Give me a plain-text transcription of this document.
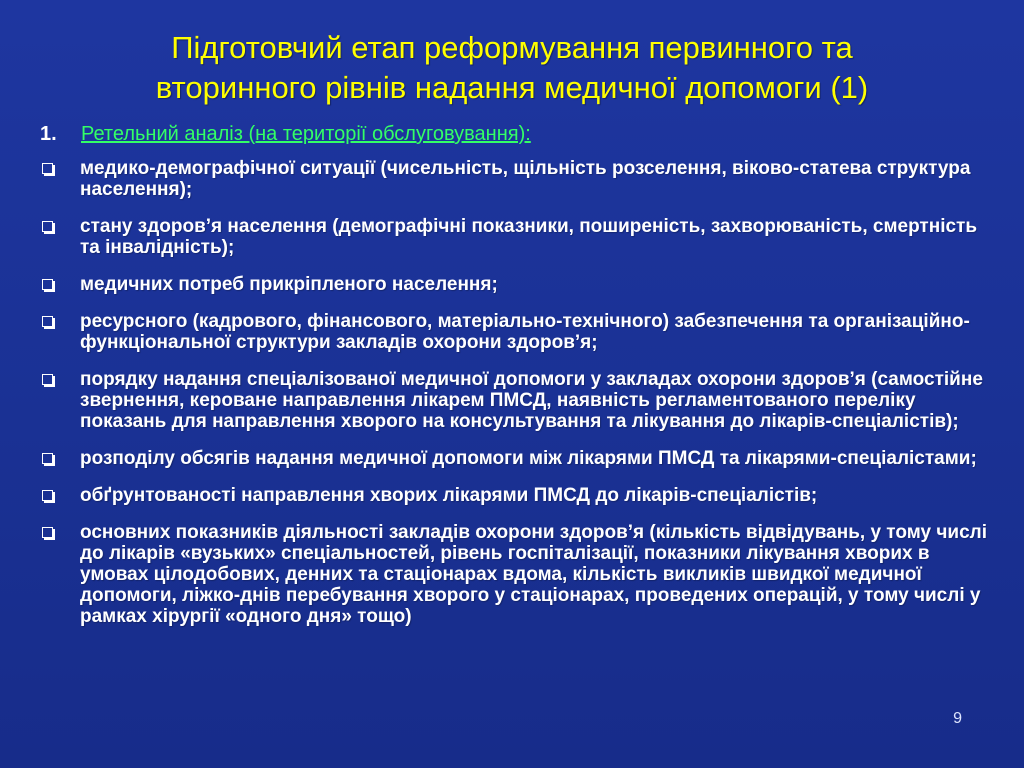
Підготовчий етап реформування первинного та
вторинного рівнів надання медичної допомоги (1)
1.	Ретельний аналіз (на території обслуговування):
медико-демографічної ситуації (чисельність, щільність розселення, віково-статева структура населення);
стану здоров’я населення (демографічні показники, поширеність, захворюваність, смертність та інвалідність);
медичних потреб прикріпленого населення;
ресурсного (кадрового, фінансового, матеріально-технічного) забезпечення та організаційно-функціональної структури закладів охорони здоров’я;
порядку надання спеціалізованої медичної допомоги у закладах охорони здоров’я (самостійне звернення, кероване направлення лікарем ПМСД, наявність регламентованого переліку показань для направлення хворого на консультування та лікування до лікарів-спеціалістів);
розподілу обсягів надання медичної допомоги між лікарями ПМСД та лікарями-спеціалістами;
обґрунтованості направлення хворих лікарями ПМСД до лікарів-спеціалістів;
основних показників діяльності закладів охорони здоров’я (кількість відвідувань, у тому числі до лікарів «вузьких» спеціальностей, рівень госпіталізації, показники лікування хворих в умовах цілодобових, денних та стаціонарах вдома, кількість викликів швидкої медичної допомоги, ліжко-днів перебування хворого у стаціонарах, проведених операцій, у тому числі у рамках хірургії «одного дня» тощо)
9
